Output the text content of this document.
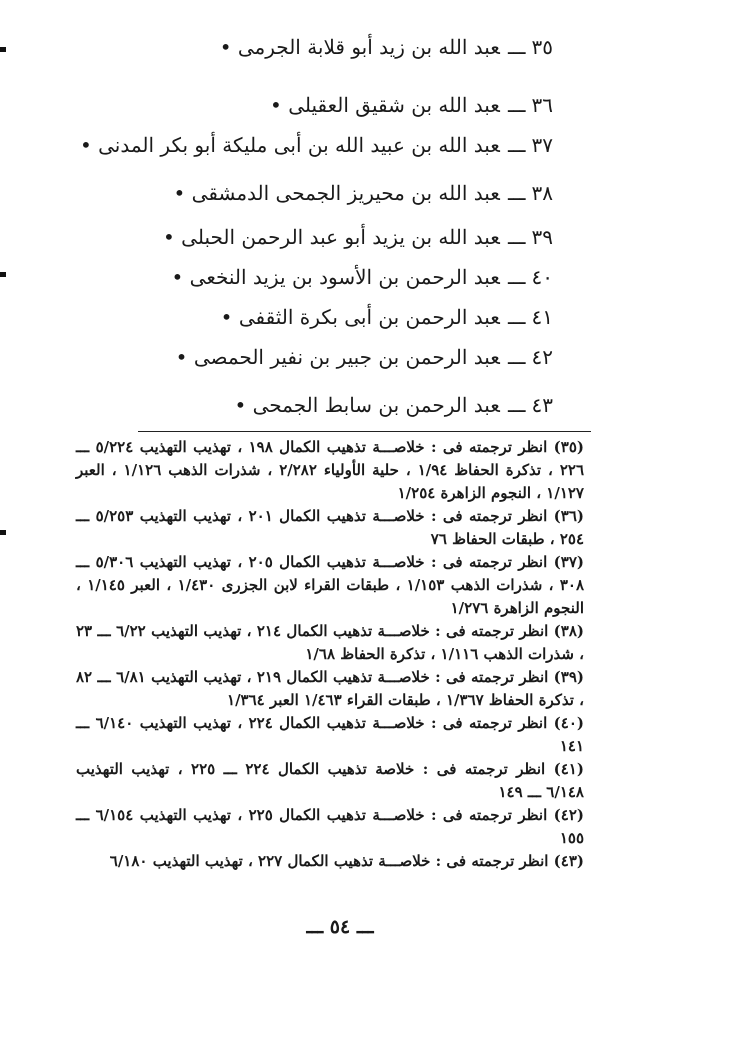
٣٥ـــعبد الله بن زيد أبو قلابة الجرمى •
٣٦ـــعبد الله بن شقيق العقيلى •
٣٧ـــعبد الله بن عبيد الله بن أبى مليكة أبو بكر المدنى •
٣٨ـــعبد الله بن محيريز الجمحى الدمشقى •
٣٩ـــعبد الله بن يزيد أبو عبد الرحمن الحبلى •
٤٠ـــعبد الرحمن بن الأسود بن يزيد النخعى •
٤١ـــعبد الرحمن بن أبى بكرة الثقفى •
٤٢ـــعبد الرحمن بن جبير بن نفير الحمصى •
٤٣ـــعبد الرحمن بن سابط الجمحى •

(٣٥) انظر ترجمته فى : خلاصـــة تذهيب الكمال ١٩٨ ، تهذيب التهذيب ٥/٢٢٤ ـــ ٢٢٦ ، تذكرة الحفاظ ١/٩٤ ، حلية الأولياء ٢/٢٨٢ ، شذرات الذهب ١/١٢٦ ، العبر ١/١٢٧ ، النجوم الزاهرة ١/٢٥٤

(٣٦) انظر ترجمته فى : خلاصـــة تذهيب الكمال ٢٠١ ، تهذيب التهذيب ٥/٢٥٣ ـــ ٢٥٤ ، طبقات الحفاظ ٧٦

(٣٧) انظر ترجمته فى : خلاصـــة تذهيب الكمال ٢٠٥ ، تهذيب التهذيب ٥/٣٠٦ ـــ ٣٠٨ ، شذرات الذهب ١/١٥٣ ، طبقات القراء لابن الجزرى ١/٤٣٠ ، العبر ١/١٤٥ ، النجوم الزاهرة ١/٢٧٦

(٣٨) انظر ترجمته فى : خلاصـــة تذهيب الكمال ٢١٤ ، تهذيب التهذيب ٦/٢٢ ـــ ٢٣ ، شذرات الذهب ١/١١٦ ، تذكرة الحفاظ ١/٦٨

(٣٩) انظر ترجمته فى : خلاصـــة تذهيب الكمال ٢١٩ ، تهذيب التهذيب ٦/٨١ ـــ ٨٢ ، تذكرة الحفاظ ١/٣٦٧ ، طبقات القراء ١/٤٦٣ العبر ١/٣٦٤

(٤٠) انظر ترجمته فى : خلاصـــة تذهيب الكمال ٢٢٤ ، تهذيب التهذيب ٦/١٤٠ ـــ ١٤١

(٤١) انظر ترجمته فى : خلاصة تذهيب الكمال ٢٢٤ ـــ ٢٢٥ ، تهذيب التهذيب ٦/١٤٨ ـــ ١٤٩

(٤٢) انظر ترجمته فى : خلاصـــة تذهيب الكمال ٢٢٥ ، تهذيب التهذيب ٦/١٥٤ ـــ ١٥٥

(٤٣) انظر ترجمته فى : خلاصـــة تذهيب الكمال ٢٢٧ ، تهذيب التهذيب ٦/١٨٠

ـــ ٥٤ ـــ
